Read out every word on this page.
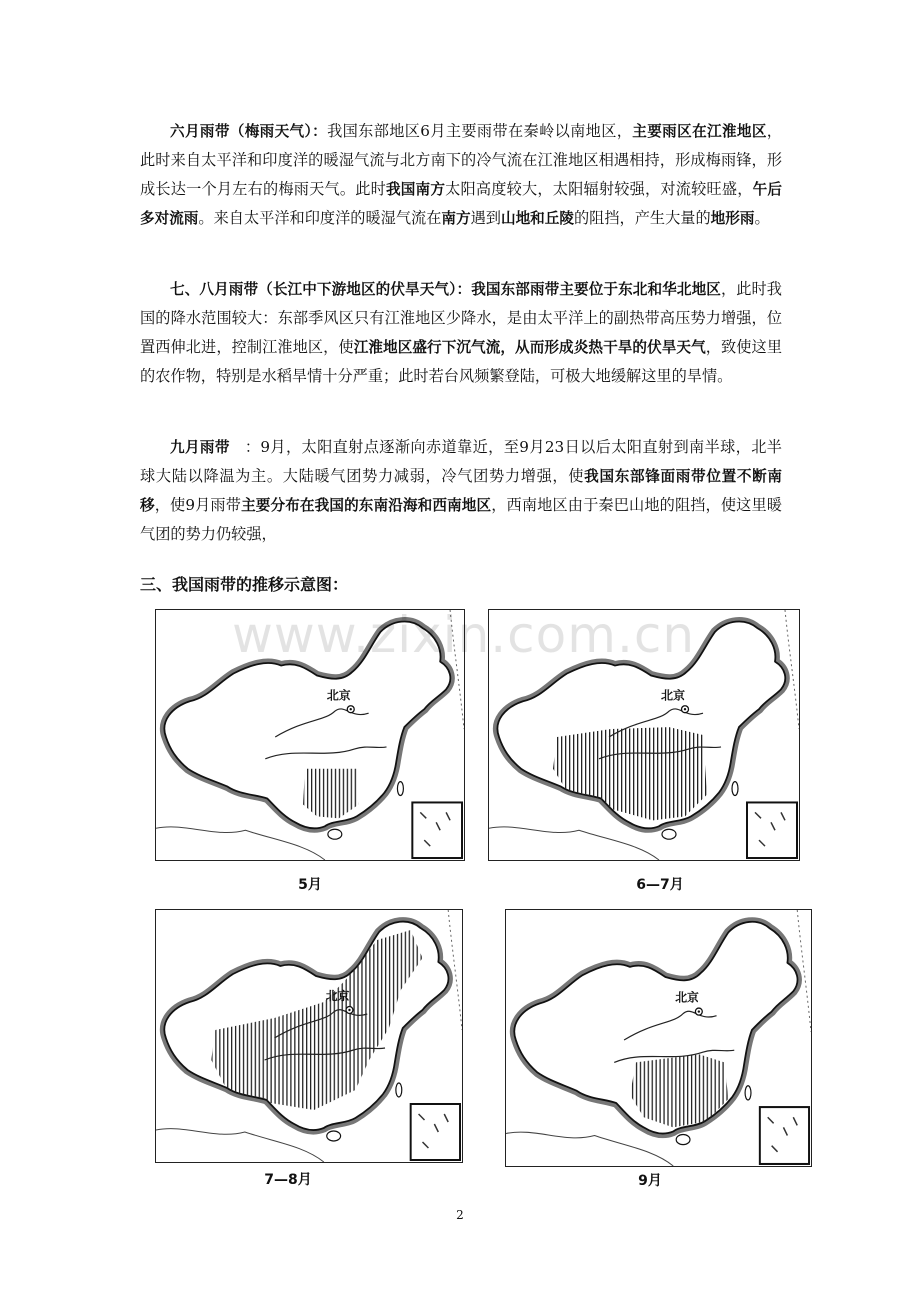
六月雨带（梅雨天气）：我国东部地区6月主要雨带在秦岭以南地区，主要雨区在江淮地区，此时来自太平洋和印度洋的暖湿气流与北方南下的冷气流在江淮地区相遇相持，形成梅雨锋，形成长达一个月左右的梅雨天气。此时我国南方太阳高度较大，太阳辐射较强，对流较旺盛，午后多对流雨。来自太平洋和印度洋的暖湿气流在南方遇到山地和丘陵的阻挡，产生大量的地形雨。

七、八月雨带（长江中下游地区的伏旱天气）：我国东部雨带主要位于东北和华北地区，此时我国的降水范围较大：东部季风区只有江淮地区少降水，是由太平洋上的副热带高压势力增强，位置西伸北进，控制江淮地区，使江淮地区盛行下沉气流，从而形成炎热干旱的伏旱天气，致使这里的农作物，特别是水稻旱情十分严重；此时若台风频繁登陆，可极大地缓解这里的旱情。

九月雨带　：9月，太阳直射点逐渐向赤道靠近，至9月23日以后太阳直射到南半球，北半球大陆以降温为主。大陆暖气团势力减弱，冷气团势力增强，使我国东部锋面雨带位置不断南移，使9月雨带主要分布在我国的东南沿海和西南地区，西南地区由于秦巴山地的阻挡，使这里暖气团的势力仍较强，

三、我国雨带的推移示意图：
北京
5月
北京
6—7月
北京
7—8月
北京
9月
www.zixin.com.cn
2
